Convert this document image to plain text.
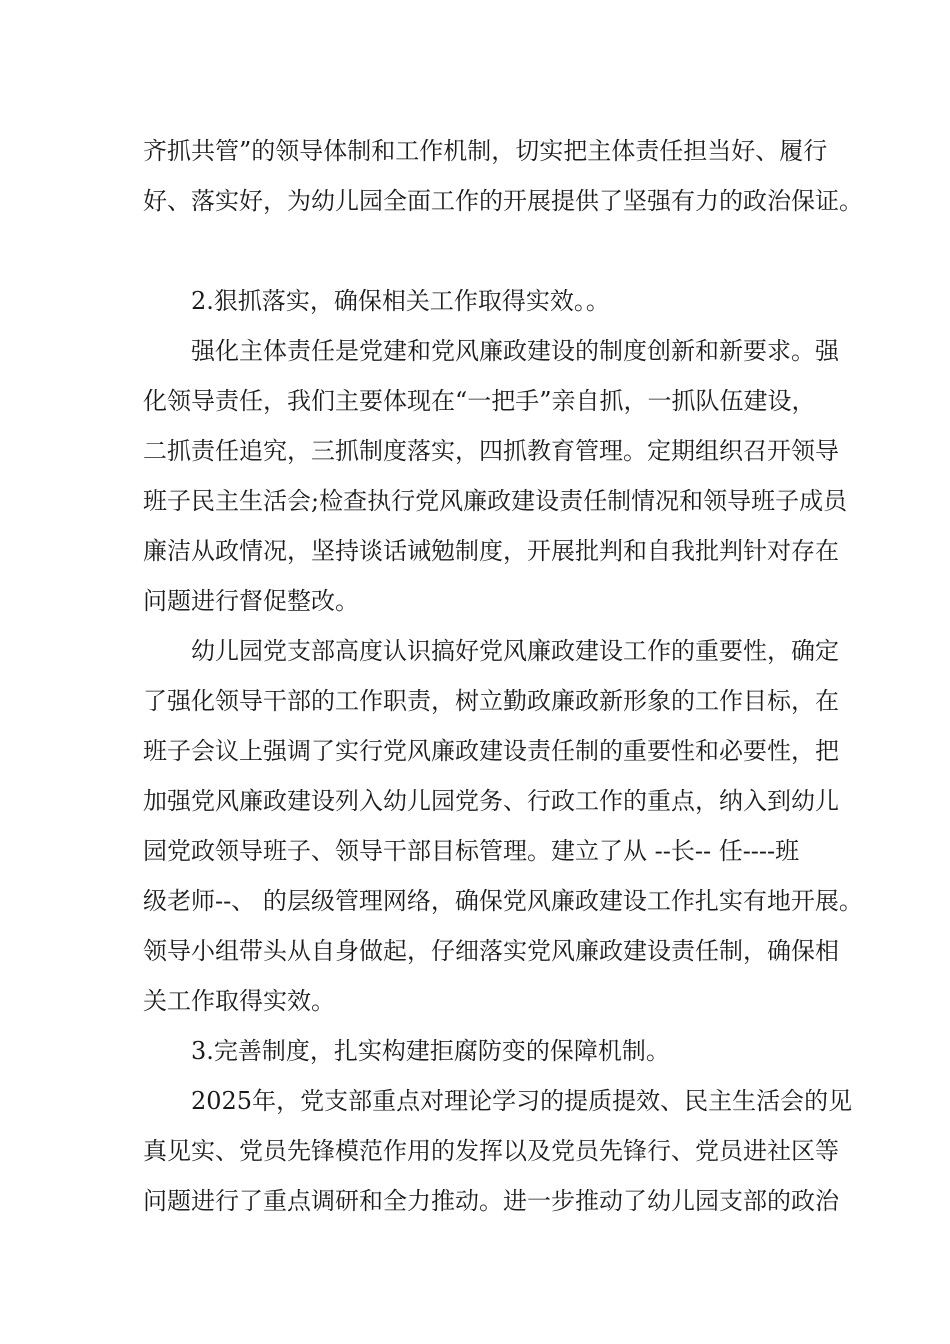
齐抓共管”的领导体制和工作机制，切实把主体责任担当好、履行

好、落实好，为幼儿园全面工作的开展提供了坚强有力的政治保证。

2.狠抓落实，确保相关工作取得实效。。

强化主体责任是党建和党风廉政建设的制度创新和新要求。强

化领导责任，我们主要体现在“一把手”亲自抓，一抓队伍建设，

二抓责任追究，三抓制度落实，四抓教育管理。定期组织召开领导

班子民主生活会;检查执行党风廉政建设责任制情况和领导班子成员

廉洁从政情况，坚持谈话诫勉制度，开展批判和自我批判针对存在

问题进行督促整改。

幼儿园党支部高度认识搞好党风廉政建设工作的重要性，确定

了强化领导干部的工作职责，树立勤政廉政新形象的工作目标，在

班子会议上强调了实行党风廉政建设责任制的重要性和必要性，把

加强党风廉政建设列入幼儿园党务、行政工作的重点，纳入到幼儿

园党政领导班子、领导干部目标管理。建立了从 --长-- 任----班

级老师--、 的层级管理网络，确保党风廉政建设工作扎实有地开展。

领导小组带头从自身做起，仔细落实党风廉政建设责任制，确保相

关工作取得实效。

3.完善制度，扎实构建拒腐防变的保障机制。

2025年，党支部重点对理论学习的提质提效、民主生活会的见

真见实、党员先锋模范作用的发挥以及党员先锋行、党员进社区等

问题进行了重点调研和全力推动。进一步推动了幼儿园支部的政治
